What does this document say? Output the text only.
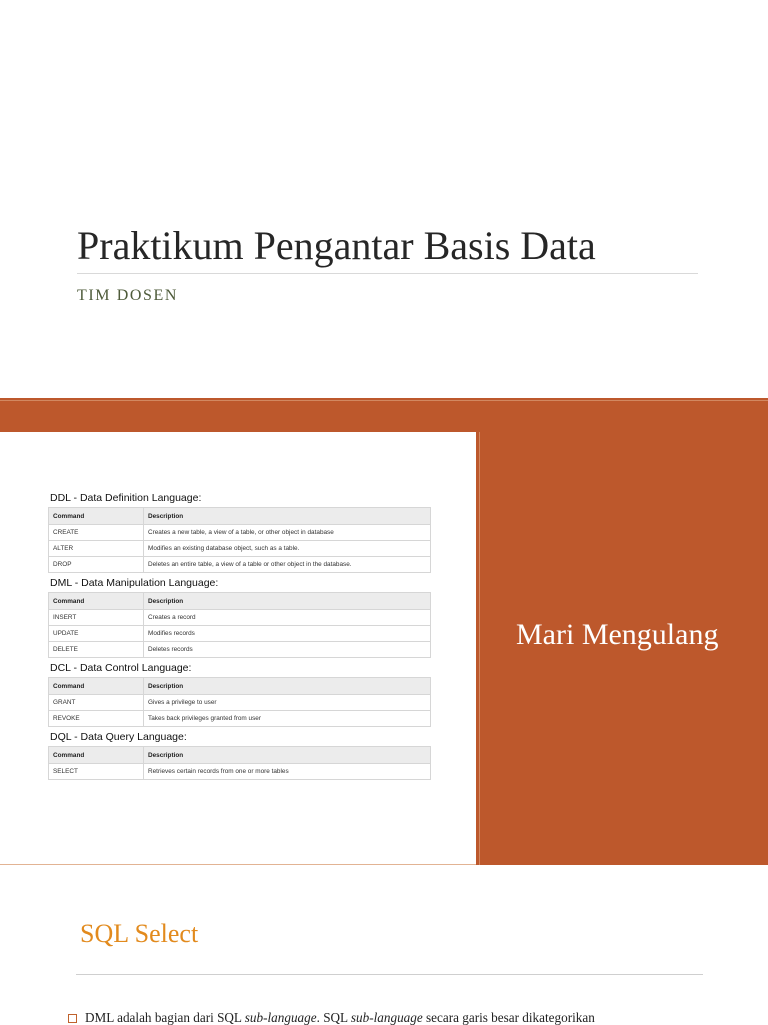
Praktikum Pengantar Basis Data
TIM DOSEN
Mari Mengulang
DDL - Data Definition Language:
Command	Description
CREATE	Creates a new table, a view of a table, or other object in database
ALTER	Modifies an existing database object, such as a table.
DROP	Deletes an entire table, a view of a table or other object in the database.
DML - Data Manipulation Language:
Command	Description
INSERT	Creates a record
UPDATE	Modifies records
DELETE	Deletes records
DCL - Data Control Language:
Command	Description
GRANT	Gives a privilege to user
REVOKE	Takes back privileges granted from user
DQL - Data Query Language:
Command	Description
SELECT	Retrieves certain records from one or more tables
SQL Select
DML adalah bagian dari SQL sub-language. SQL sub-language secara garis besar dikategorikan
